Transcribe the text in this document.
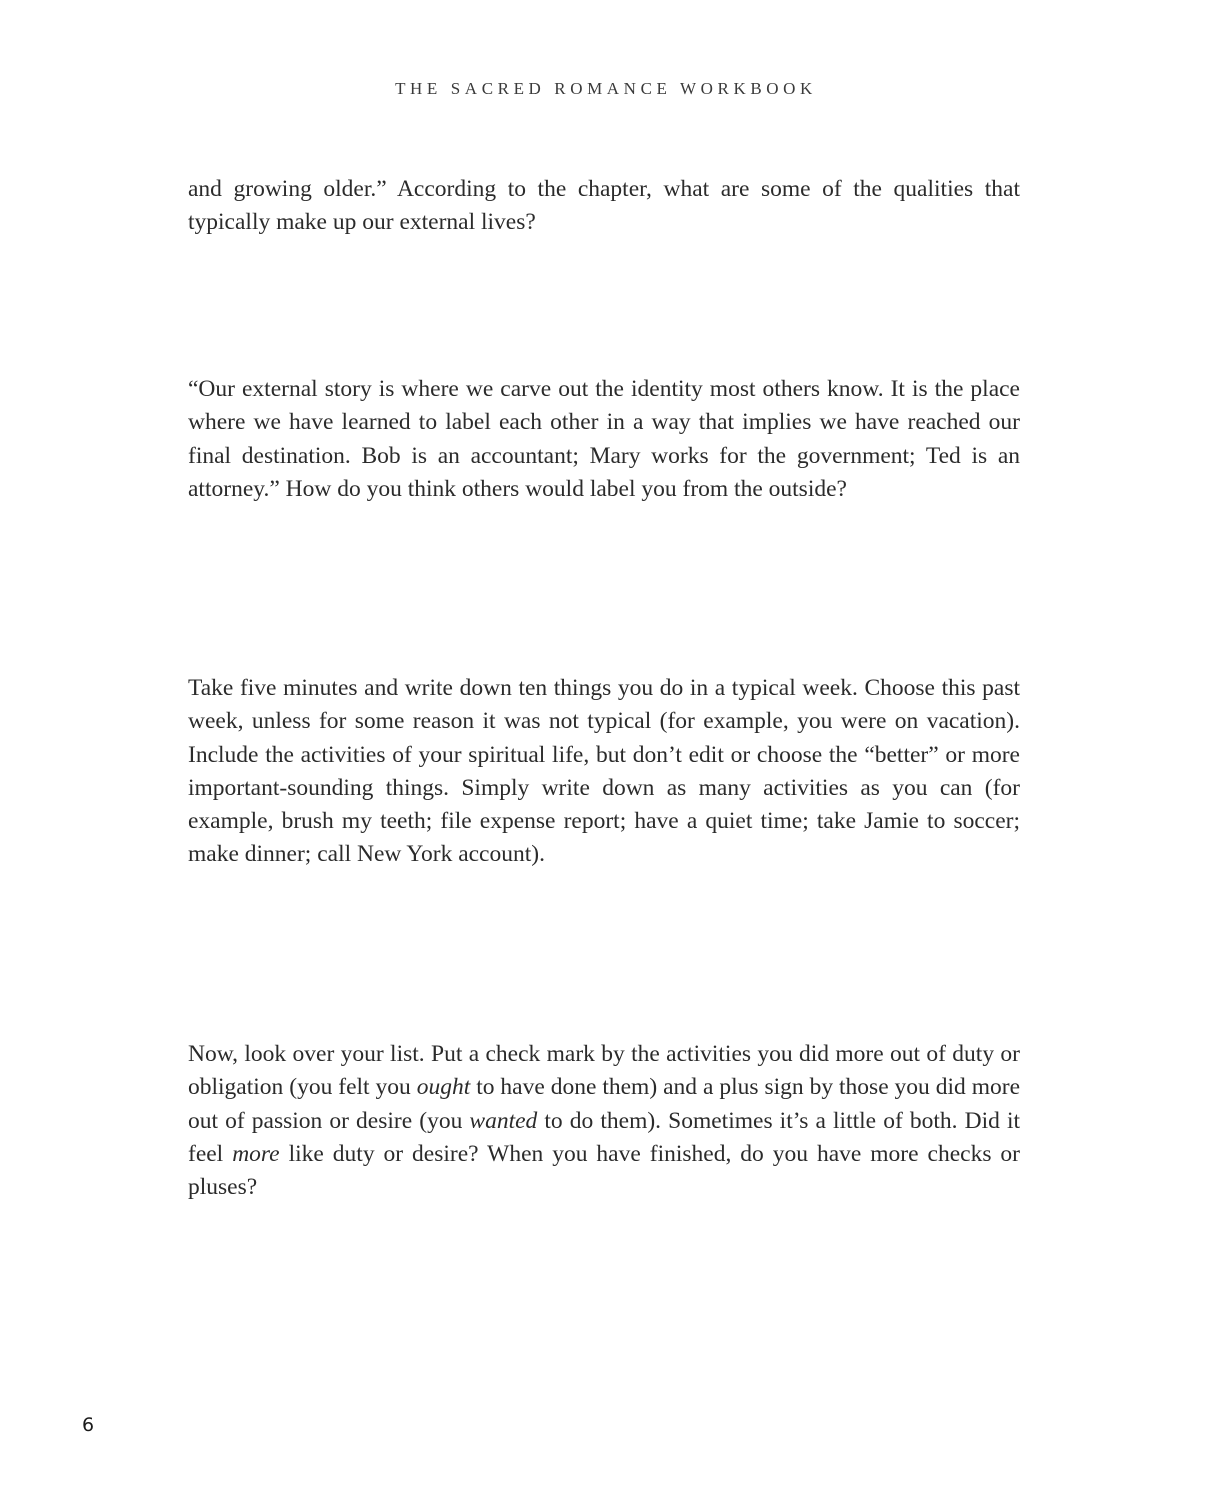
THE SACRED ROMANCE WORKBOOK

and growing older.” According to the chapter, what are some of the qualities that typically make up our external lives?

“Our external story is where we carve out the identity most others know. It is the place where we have learned to label each other in a way that implies we have reached our final destination. Bob is an accountant; Mary works for the government; Ted is an attorney.” How do you think others would label you from the outside?

Take five minutes and write down ten things you do in a typical week. Choose this past week, unless for some reason it was not typical (for example, you were on vacation). Include the activities of your spiritual life, but don’t edit or choose the “better” or more important-sounding things. Simply write down as many activities as you can (for example, brush my teeth; file expense report; have a quiet time; take Jamie to soccer; make dinner; call New York account).

Now, look over your list. Put a check mark by the activities you did more out of duty or obligation (you felt you ought to have done them) and a plus sign by those you did more out of passion or desire (you wanted to do them). Sometimes it’s a little of both. Did it feel more like duty or desire? When you have finished, do you have more checks or pluses?

6
